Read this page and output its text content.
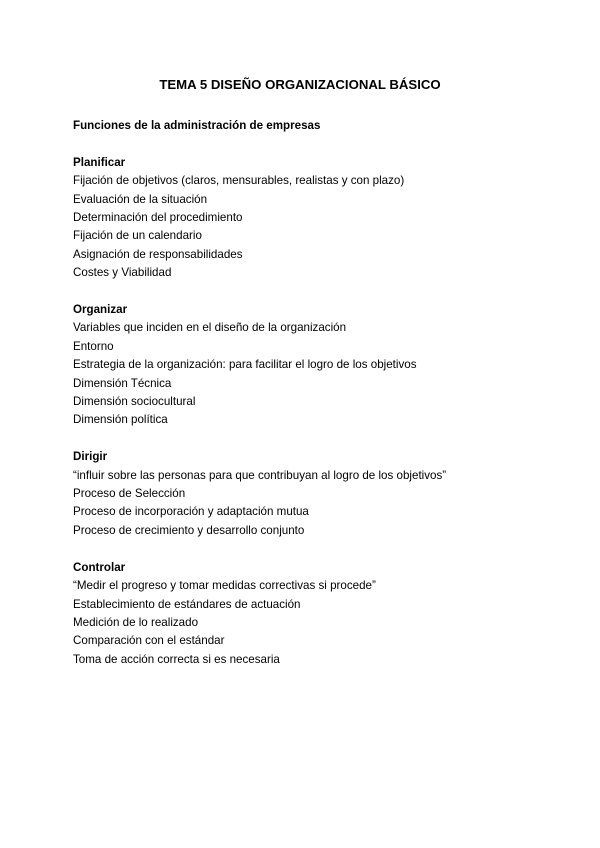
TEMA 5 DISEÑO ORGANIZACIONAL BÁSICO

Funciones de la administración de empresas

Planificar

Fijación de objetivos (claros, mensurables, realistas y con plazo)
Evaluación de la situación
Determinación del procedimiento
Fijación de un calendario
Asignación de responsabilidades
Costes y Viabilidad

Organizar

Variables que inciden en el diseño de la organización
Entorno
Estrategia de la organización: para facilitar el logro de los objetivos
Dimensión Técnica
Dimensión sociocultural
Dimensión política

Dirigir

“influir sobre las personas para que contribuyan al logro de los objetivos”
Proceso de Selección
Proceso de incorporación y adaptación mutua
Proceso de crecimiento y desarrollo conjunto

Controlar

“Medir el progreso y tomar medidas correctivas si procede”
Establecimiento de estándares de actuación
Medición de lo realizado
Comparación con el estándar
Toma de acción correcta si es necesaria
